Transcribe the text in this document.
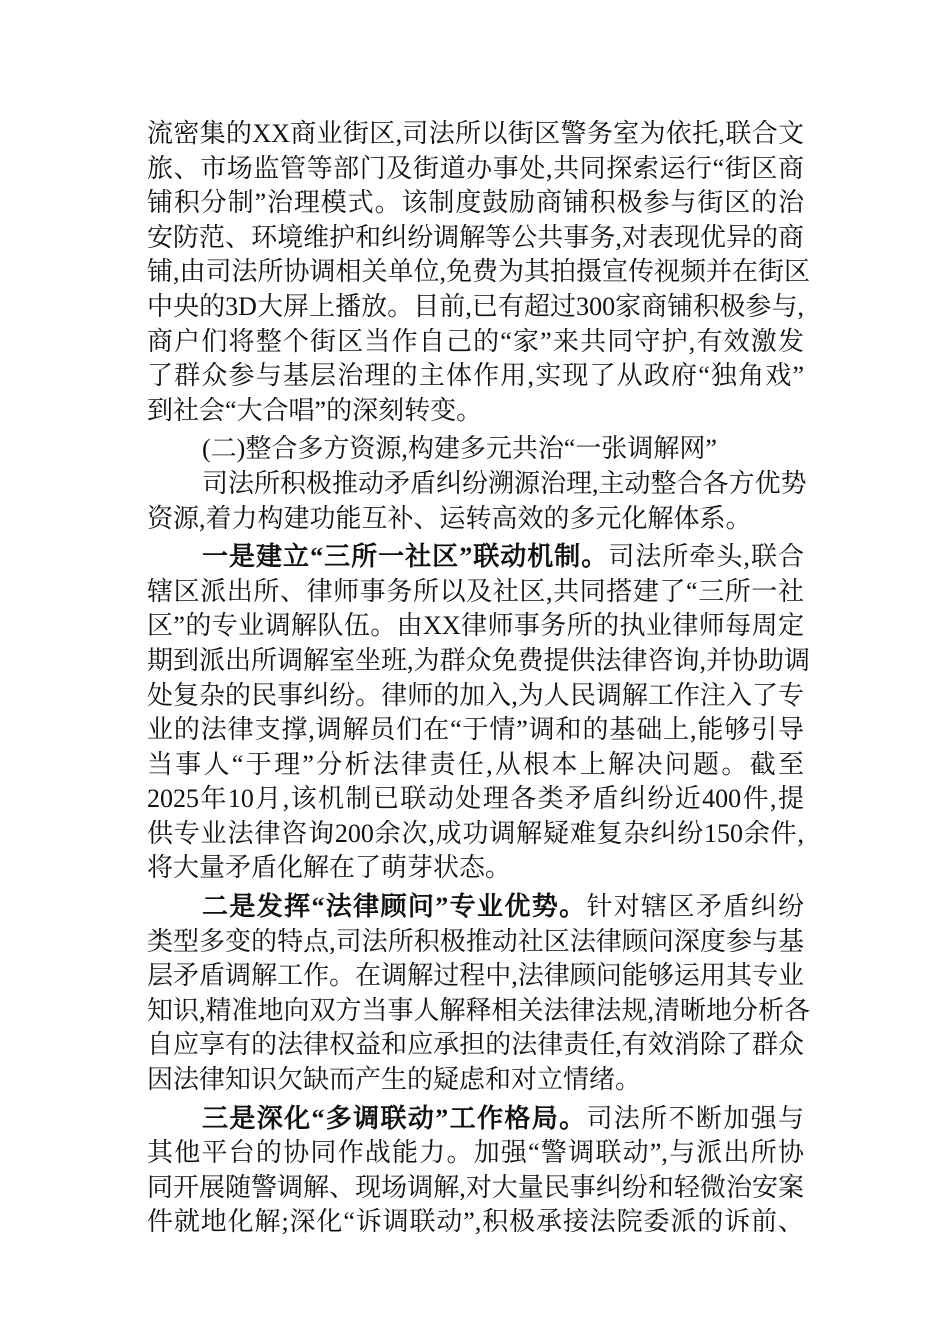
流密集的XX商业街区,司法所以街区警务室为依托,联合文
旅、市场监管等部门及街道办事处,共同探索运行“街区商
铺积分制”治理模式。该制度鼓励商铺积极参与街区的治
安防范、环境维护和纠纷调解等公共事务,对表现优异的商
铺,由司法所协调相关单位,免费为其拍摄宣传视频并在街区
中央的3D大屏上播放。目前,已有超过300家商铺积极参与,
商户们将整个街区当作自己的“家”来共同守护,有效激发
了群众参与基层治理的主体作用,实现了从政府“独角戏”
到社会“大合唱”的深刻转变。
(二)整合多方资源,构建多元共治“一张调解网”
司法所积极推动矛盾纠纷溯源治理,主动整合各方优势
资源,着力构建功能互补、运转高效的多元化解体系。
一是建立“三所一社区”联动机制。司法所牵头,联合
辖区派出所、律师事务所以及社区,共同搭建了“三所一社
区”的专业调解队伍。由XX律师事务所的执业律师每周定
期到派出所调解室坐班,为群众免费提供法律咨询,并协助调
处复杂的民事纠纷。律师的加入,为人民调解工作注入了专
业的法律支撑,调解员们在“于情”调和的基础上,能够引导
当事人“于理”分析法律责任,从根本上解决问题。截至
2025年10月,该机制已联动处理各类矛盾纠纷近400件,提
供专业法律咨询200余次,成功调解疑难复杂纠纷150余件,
将大量矛盾化解在了萌芽状态。
二是发挥“法律顾问”专业优势。针对辖区矛盾纠纷
类型多变的特点,司法所积极推动社区法律顾问深度参与基
层矛盾调解工作。在调解过程中,法律顾问能够运用其专业
知识,精准地向双方当事人解释相关法律法规,清晰地分析各
自应享有的法律权益和应承担的法律责任,有效消除了群众
因法律知识欠缺而产生的疑虑和对立情绪。
三是深化“多调联动”工作格局。司法所不断加强与
其他平台的协同作战能力。加强“警调联动”,与派出所协
同开展随警调解、现场调解,对大量民事纠纷和轻微治安案
件就地化解;深化“诉调联动”,积极承接法院委派的诉前、
